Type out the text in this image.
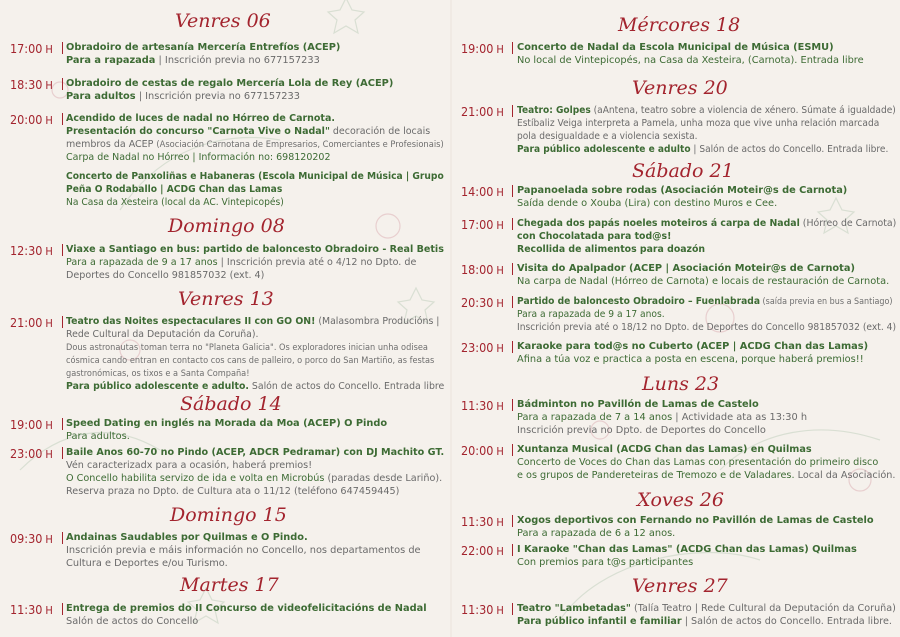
Venres 06
17:00 H Obradoiro de artesanía Mercería Entrefíos (ACEP)
Para a rapazada | Inscrición previa no 677157233
18:30 H Obradoiro de cestas de regalo Mercería Lola de Rey (ACEP)
Para adultos | Inscrición previa no 677157233
20:00 H Acendido de luces de nadal no Hórreo de Carnota.
Presentación do concurso "Carnota Vive o Nadal" decoración de locais
membros da ACEP (Asociación Carnotana de Empresarios, Comerciantes e Profesionais)
Carpa de Nadal no Hórreo | Información no: 698120202
Concerto de Panxoliñas e Habaneras (Escola Municipal de Música | Grupo
Peña O Rodaballo | ACDG Chan das Lamas
Na Casa da Xesteira (local da AC. Vintepicopés)
Domingo 08
12:30 H Viaxe a Santiago en bus: partido de baloncesto Obradoiro - Real Betis
Para a rapazada de 9 a 17 anos | Inscrición previa até o 4/12 no Dpto. de
Deportes do Concello 981857032 (ext. 4)
Venres 13
21:00 H Teatro das Noites espectaculares II con GO ON! (Malasombra Producións |
Rede Cultural da Deputación da Coruña).
Dous astronautas toman terra no "Planeta Galicia". Os exploradores inician unha odisea
cósmica cando entran en contacto cos cans de palleiro, o porco do San Martiño, as festas
gastronómicas, os tixos e a Santa Compaña!
Para público adolescente e adulto. Salón de actos do Concello. Entrada libre
Sábado 14
19:00 H Speed Dating en inglés na Morada da Moa (ACEP) O Pindo
Para adultos.
23:00 H Baile Anos 60-70 no Pindo (ACEP, ADCR Pedramar) con DJ Machito GT.
Vén caracterizadx para a ocasión, haberá premios!
O Concello habilita servizo de ida e volta en Microbús (paradas desde Lariño).
Reserva praza no Dpto. de Cultura ata o 11/12 (teléfono 647459445)
Domingo 15
09:30 H Andainas Saudables por Quilmas e O Pindo.
Inscrición previa e máis información no Concello, nos departamentos de
Cultura e Deportes e/ou Turismo.
Martes 17
11:30 H Entrega de premios do II Concurso de videofelicitacións de Nadal
Salón de actos do Concello
Mércores 18
19:00 H Concerto de Nadal da Escola Municipal de Música (ESMU)
No local de Vintepicopés, na Casa da Xesteira, (Carnota). Entrada libre
Venres 20
21:00 H Teatro: Golpes (aAntena, teatro sobre a violencia de xénero. Súmate á igualdade)
Estíbaliz Veiga interpreta a Pamela, unha moza que vive unha relación marcada
pola desigualdade e a violencia sexista.
Para público adolescente e adulto | Salón de actos do Concello. Entrada libre.
Sábado 21
14:00 H Papanoelada sobre rodas (Asociación Moteir@s de Carnota)
Saída dende o Xouba (Lira) con destino Muros e Cee.
17:00 H Chegada dos papás noeles moteiros á carpa de Nadal (Hórreo de Carnota)
con Chocolatada para tod@s!
Recollida de alimentos para doazón
18:00 H Visita do Apalpador (ACEP | Asociación Moteir@s de Carnota)
Na carpa de Nadal (Hórreo de Carnota) e locais de restauración de Carnota.
20:30 H Partido de baloncesto Obradoiro – Fuenlabrada (saída previa en bus a Santiago)
Para a rapazada de 9 a 17 anos.
Inscrición previa até o 18/12 no Dpto. de Deportes do Concello 981857032 (ext. 4)
23:00 H Karaoke para tod@s no Cuberto (ACEP | ACDG Chan das Lamas)
Afina a túa voz e practica a posta en escena, porque haberá premios!!
Luns 23
11:30 H Bádminton no Pavillón de Lamas de Castelo
Para a rapazada de 7 a 14 anos | Actividade ata as 13:30 h
Inscrición previa no Dpto. de Deportes do Concello
20:00 H Xuntanza Musical (ACDG Chan das Lamas) en Quilmas
Concerto de Voces do Chan das Lamas con presentación do primeiro disco
e os grupos de Pandereteiras de Tremozo e de Valadares. Local da Asociación.
Xoves 26
11:30 H Xogos deportivos con Fernando no Pavillón de Lamas de Castelo
Para a rapazada de 6 a 12 anos.
22:00 H I Karaoke "Chan das Lamas" (ACDG Chan das Lamas) Quilmas
Con premios para t@s participantes
Venres 27
11:30 H Teatro "Lambetadas" (Talía Teatro | Rede Cultural da Deputación da Coruña)
Para público infantil e familiar | Salón de actos do Concello. Entrada libre.
